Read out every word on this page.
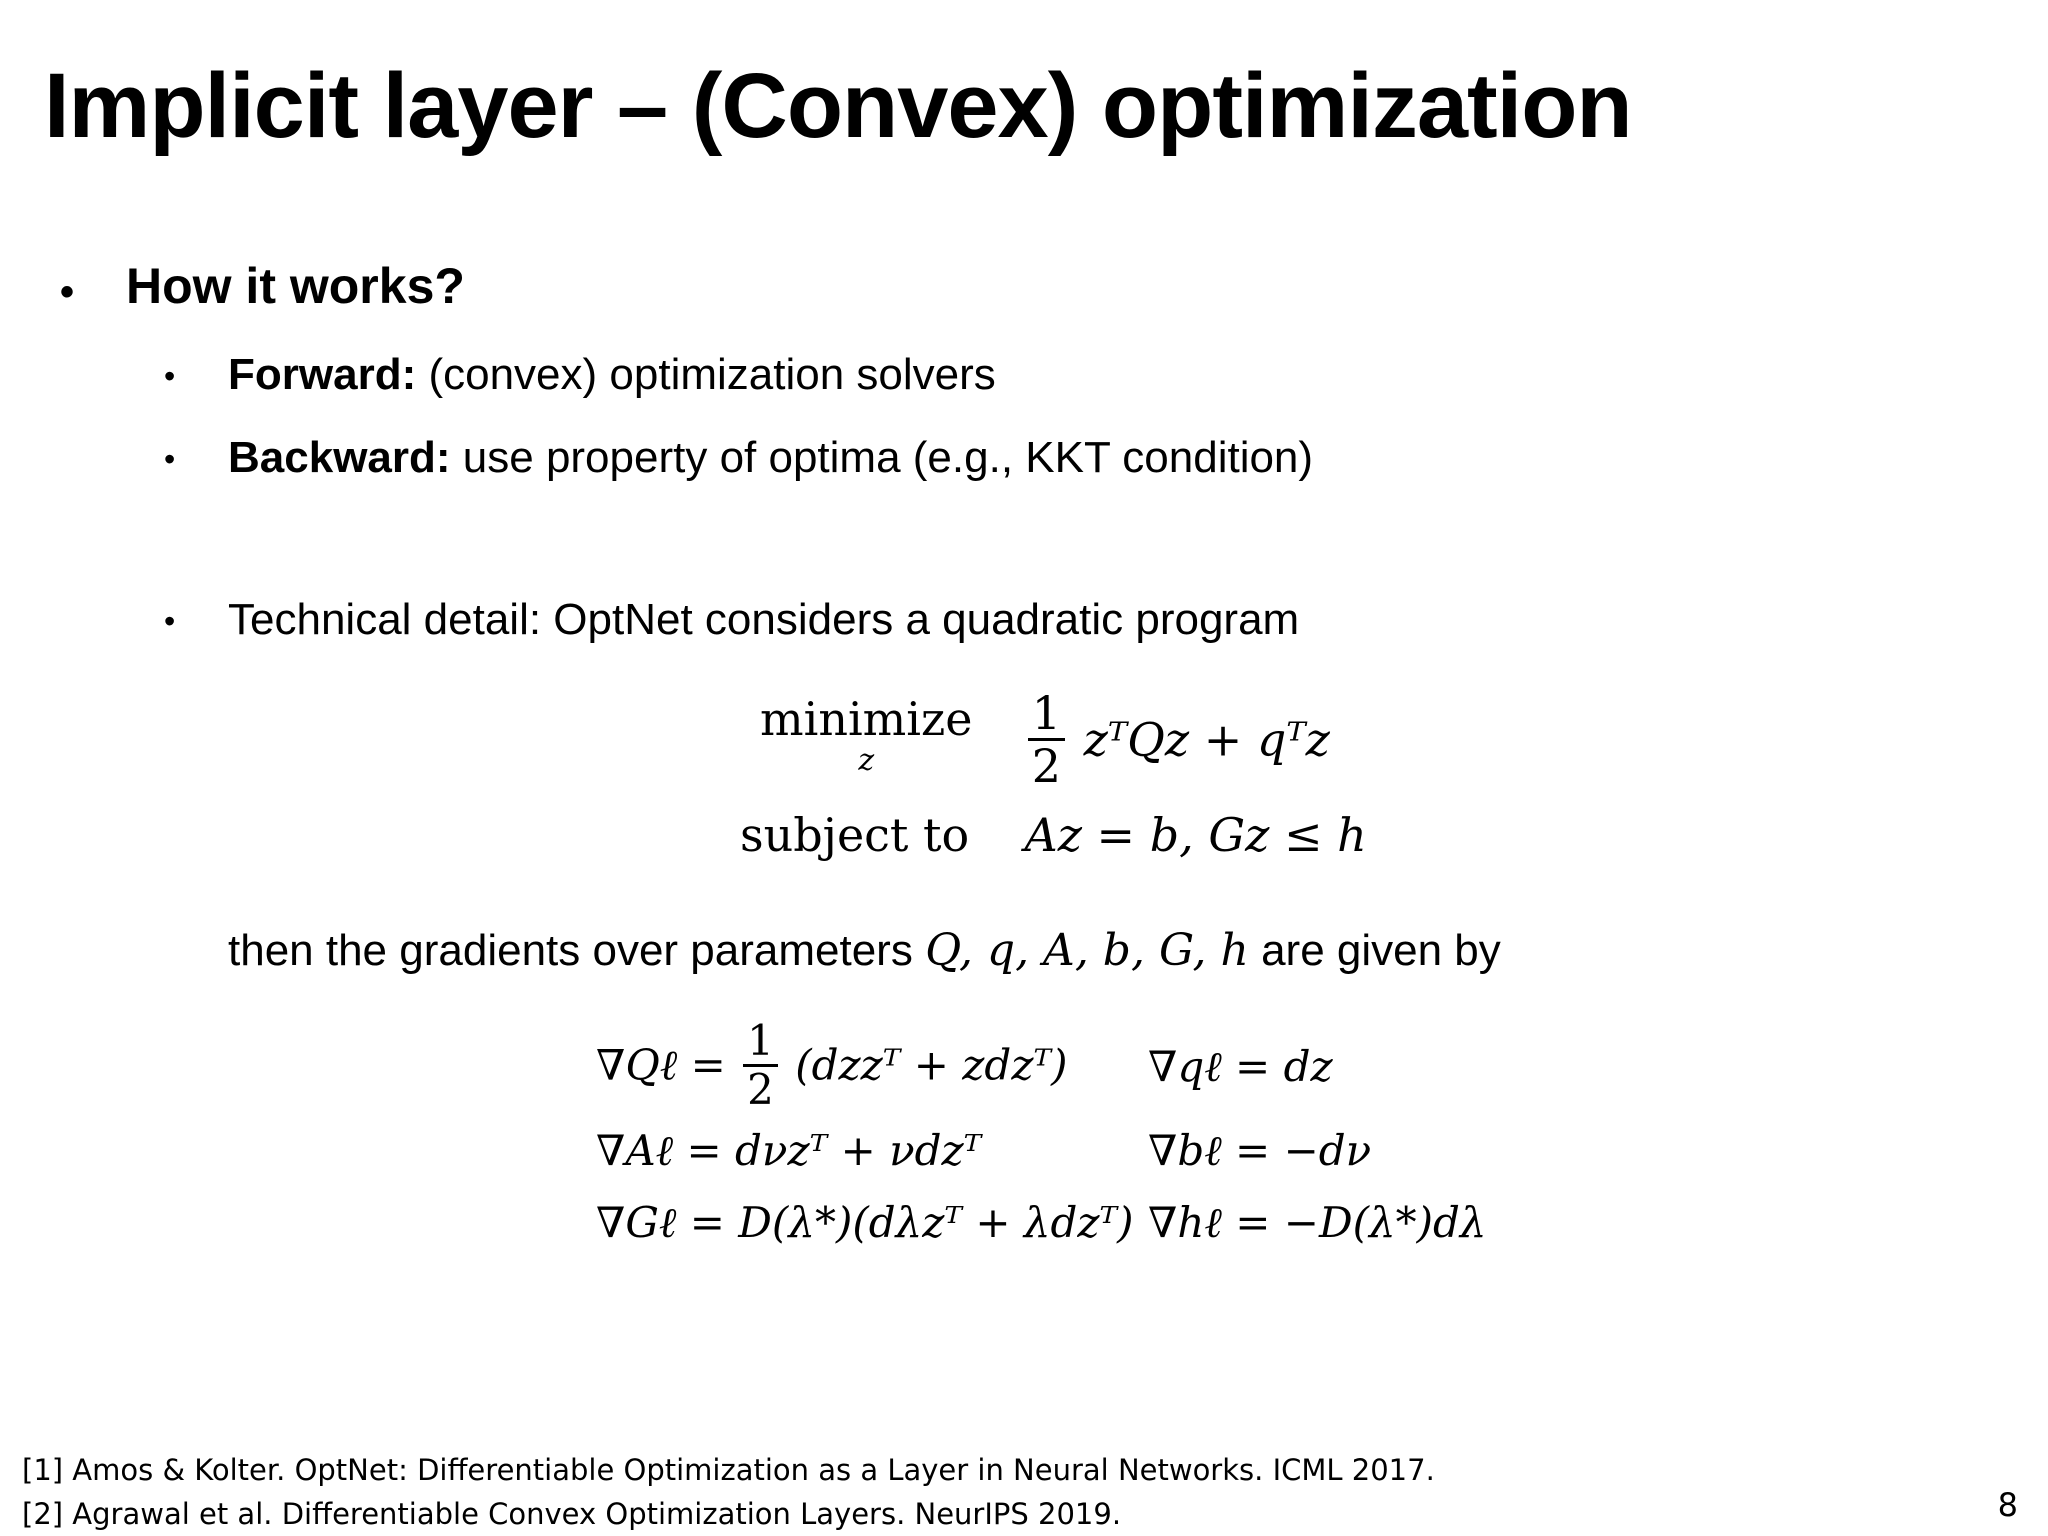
Implicit layer – (Convex) optimization
• How it works?
• Forward: (convex) optimization solvers
• Backward: use property of optima (e.g., KKT condition)
• Technical detail: OptNet considers a quadratic program
minimize
z
	$\frac{1}{2}$ zᵀQz + qᵀz
subject to Az = b, Gz ≤ h
then the gradients over parameters Q, q, A, b, G, h are given by
∇Qℓ = $\frac{1}{2}$ (dzzᵀ + zdzᵀ) ∇qℓ = dz
∇Aℓ = dνzᵀ + νdzᵀ	∇bℓ = −dν
∇Gℓ = D(λ*)(dλzᵀ + λdzᵀ) ∇hℓ = −D(λ*)dλ
[1] Amos & Kolter. OptNet: Differentiable Optimization as a Layer in Neural Networks. ICML 2017.
[2] Agrawal et al. Differentiable Convex Optimization Layers. NeurIPS 2019.	8
